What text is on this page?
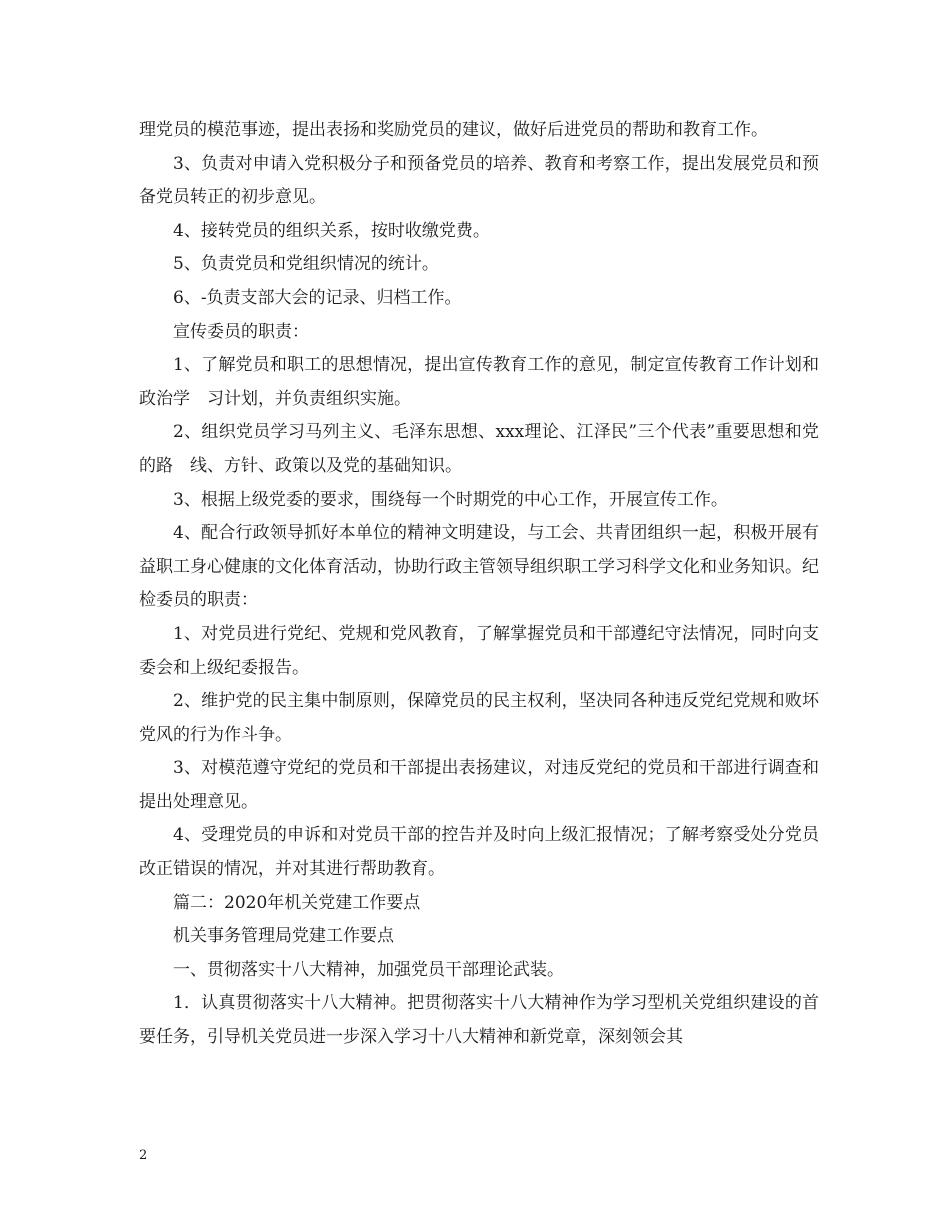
理党员的模范事迹，提出表扬和奖励党员的建议，做好后进党员的帮助和教育工作。

3、负责对申请入党积极分子和预备党员的培养、教育和考察工作，提出发展党员和预备党员转正的初步意见。

4、接转党员的组织关系，按时收缴党费。

5、负责党员和党组织情况的统计。

6、-负责支部大会的记录、归档工作。

宣传委员的职责：

1、了解党员和职工的思想情况，提出宣传教育工作的意见，制定宣传教育工作计划和政治学　习计划，并负责组织实施。

2、组织党员学习马列主义、毛泽东思想、xxx理论、江泽民”三个代表”重要思想和党的路　线、方针、政策以及党的基础知识。

3、根据上级党委的要求，围绕每一个时期党的中心工作，开展宣传工作。

4、配合行政领导抓好本单位的精神文明建设，与工会、共青团组织一起，积极开展有益职工身心健康的文化体育活动，协助行政主管领导组织职工学习科学文化和业务知识。纪检委员的职责：

1、对党员进行党纪、党规和党风教育，了解掌握党员和干部遵纪守法情况，同时向支委会和上级纪委报告。

2、维护党的民主集中制原则，保障党员的民主权利，坚决同各种违反党纪党规和败坏党风的行为作斗争。

3、对模范遵守党纪的党员和干部提出表扬建议，对违反党纪的党员和干部进行调查和提出处理意见。

4、受理党员的申诉和对党员干部的控告并及时向上级汇报情况；了解考察受处分党员改正错误的情况，并对其进行帮助教育。

篇二：2020年机关党建工作要点

机关事务管理局党建工作要点

一、贯彻落实十八大精神，加强党员干部理论武装。

1．认真贯彻落实十八大精神。把贯彻落实十八大精神作为学习型机关党组织建设的首要任务，引导机关党员进一步深入学习十八大精神和新党章，深刻领会其

2
